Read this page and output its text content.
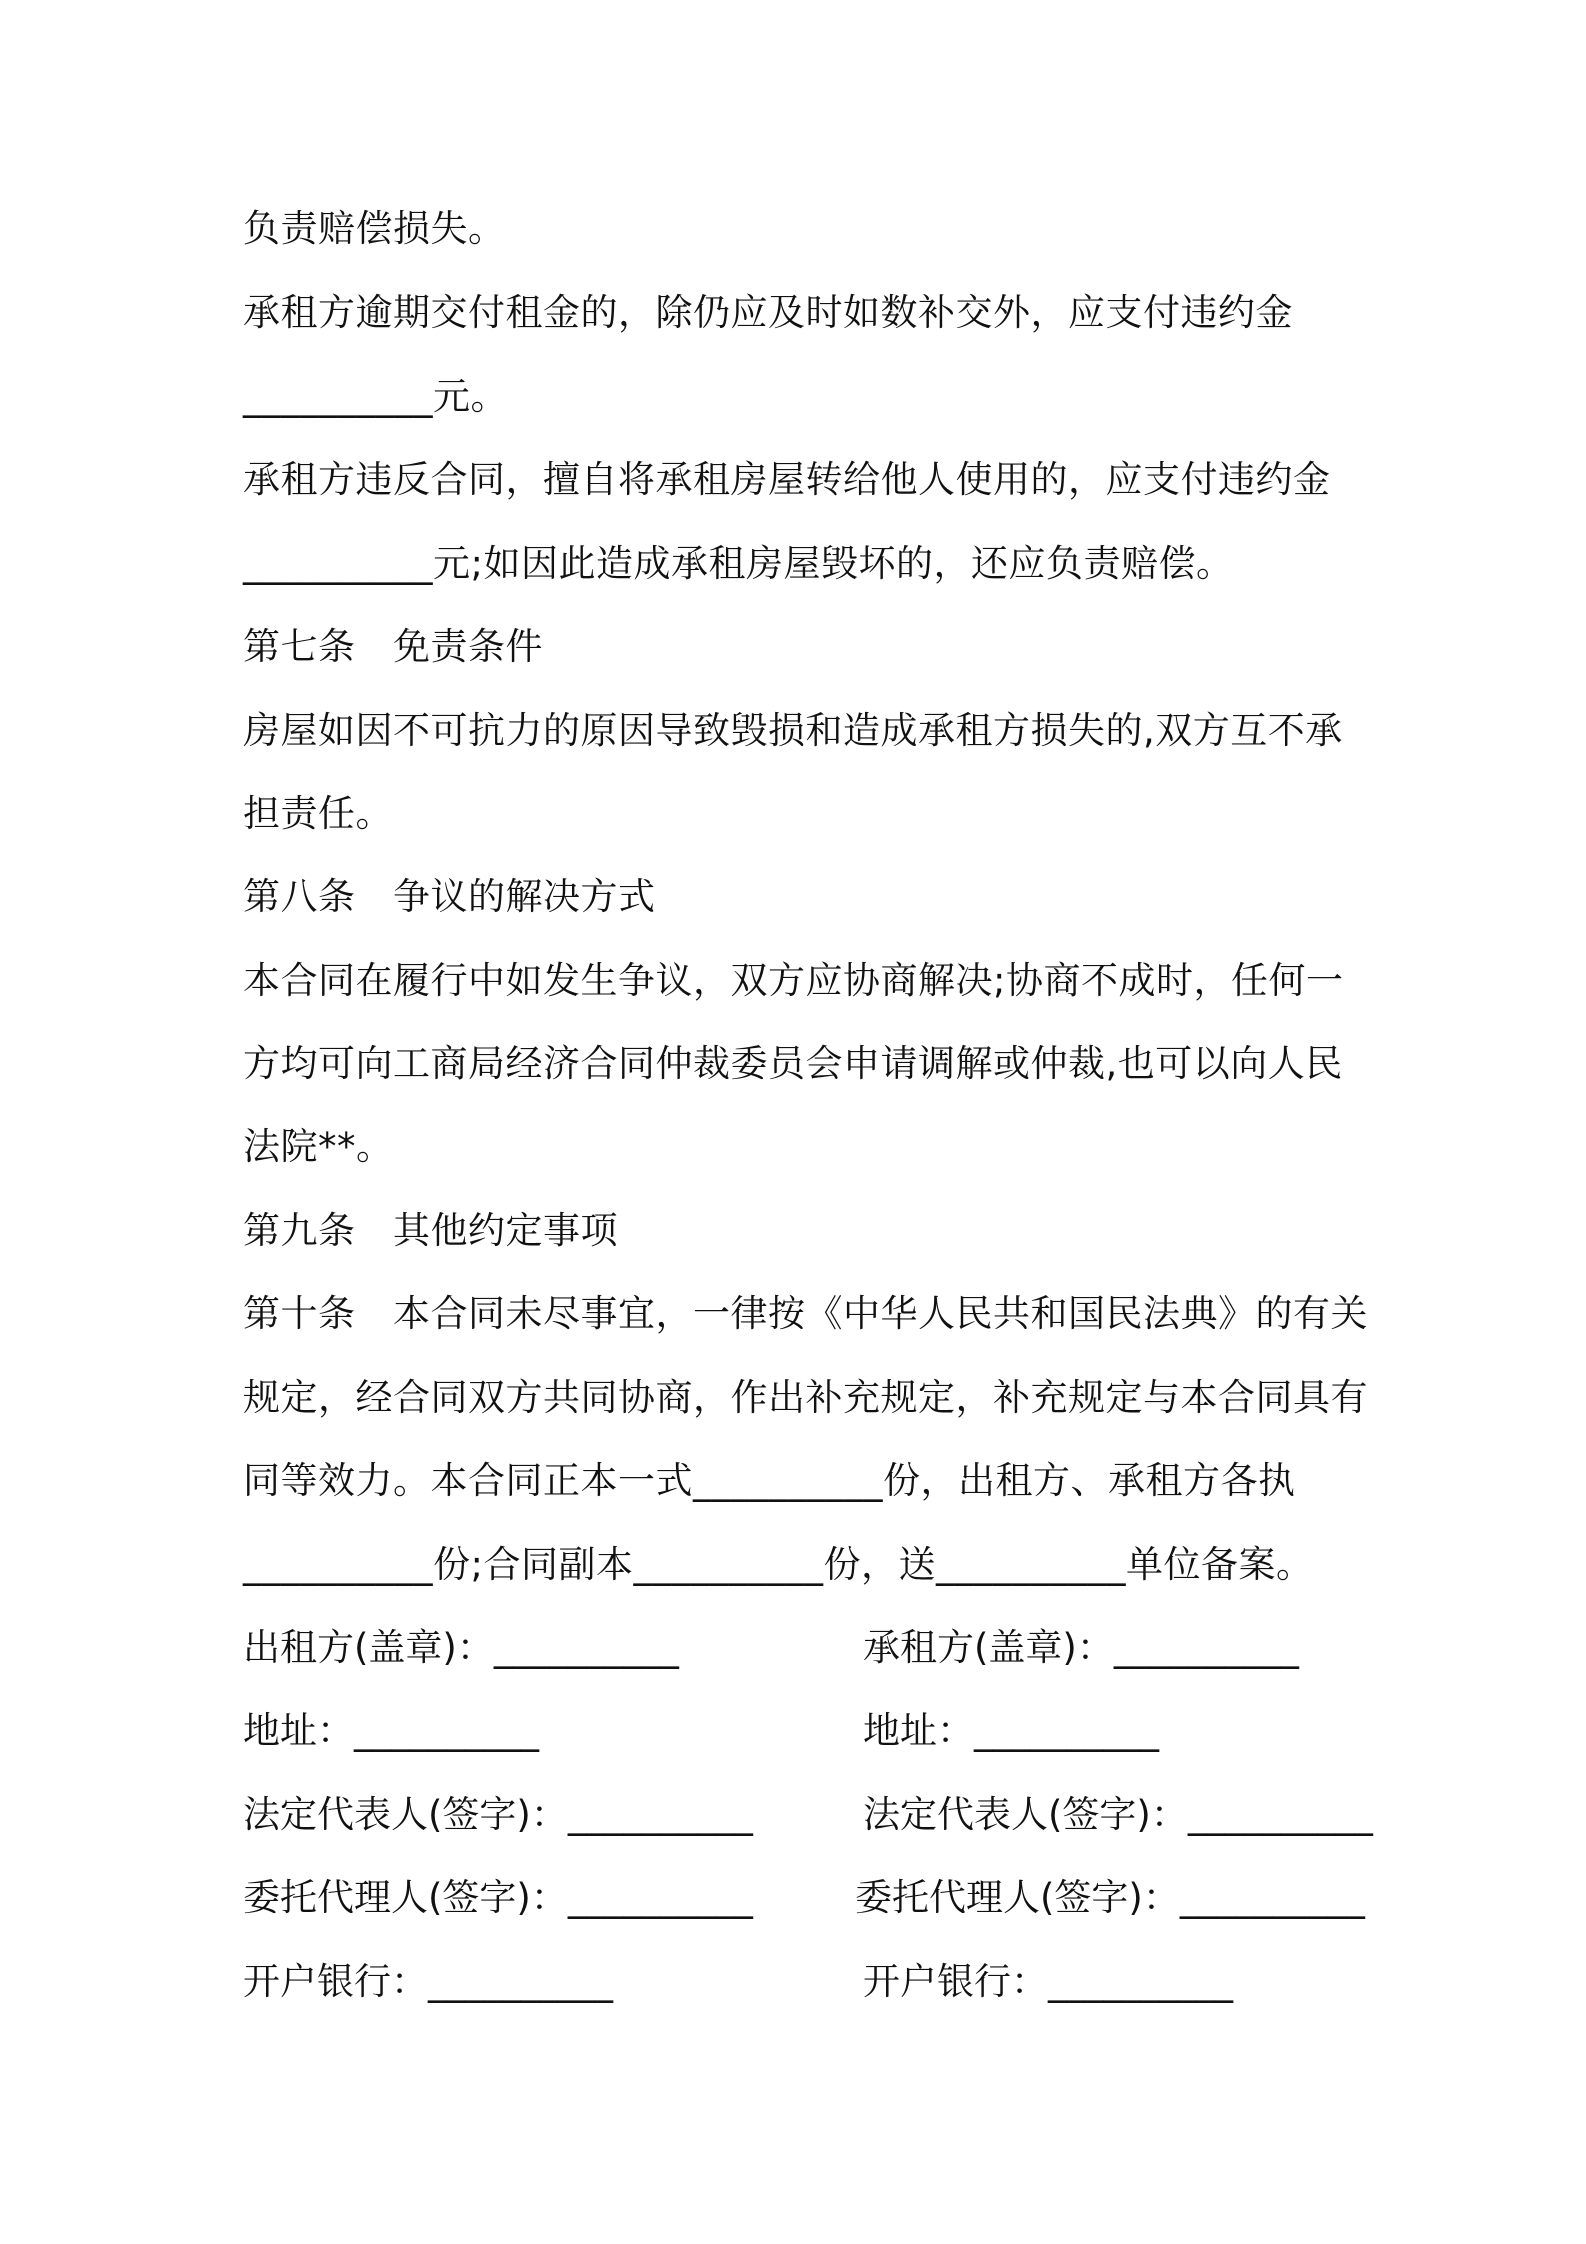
负责赔偿损失。
承租方逾期交付租金的，除仍应及时如数补交外，应支付违约金
__________元。
承租方违反合同，擅自将承租房屋转给他人使用的，应支付违约金
__________元;如因此造成承租房屋毁坏的，还应负责赔偿。
第七条　免责条件
房屋如因不可抗力的原因导致毁损和造成承租方损失的,双方互不承
担责任。
第八条　争议的解决方式
本合同在履行中如发生争议，双方应协商解决;协商不成时，任何一
方均可向工商局经济合同仲裁委员会申请调解或仲裁,也可以向人民
法院**。
第九条　其他约定事项
第十条　本合同未尽事宜，一律按《中华人民共和国民法典》的有关
规定，经合同双方共同协商，作出补充规定，补充规定与本合同具有
同等效力。本合同正本一式__________份，出租方、承租方各执
__________份;合同副本__________份，送__________单位备案。
出租方(盖章)：__________	承租方(盖章)：__________
地址：__________	地址：__________
法定代表人(签字)：__________	法定代表人(签字)：__________
委托代理人(签字)：__________	委托代理人(签字)：__________
开户银行：__________	开户银行：__________
